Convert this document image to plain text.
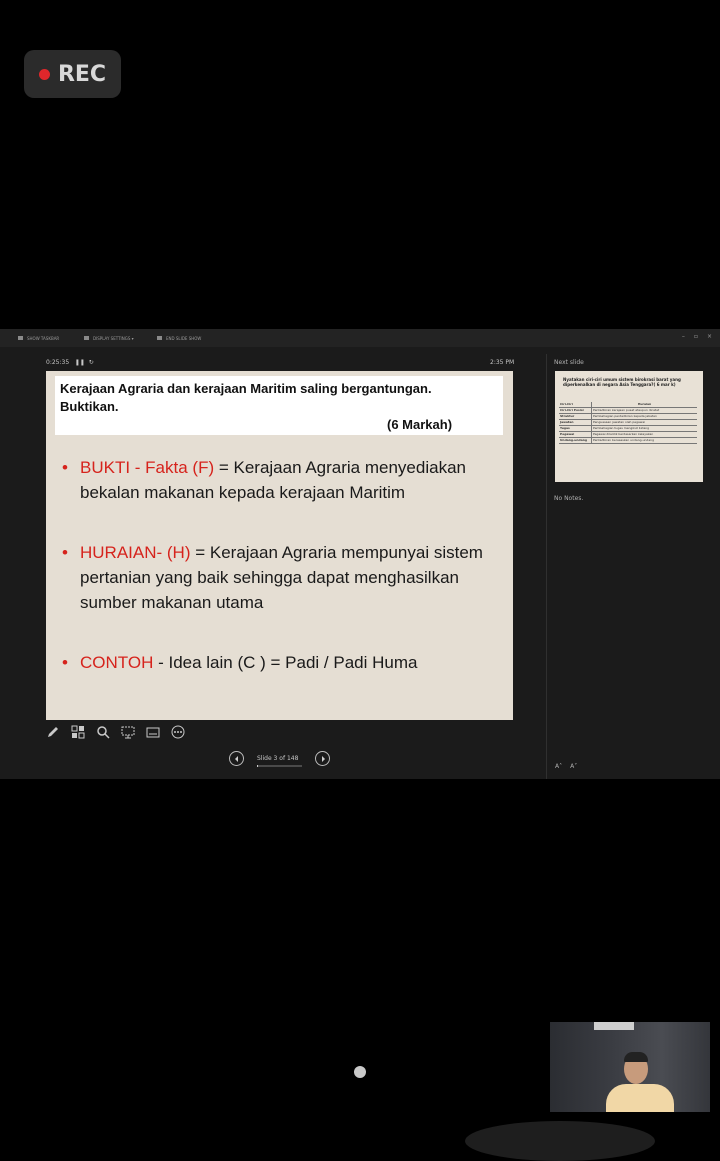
REC
SHOW TASKBAR	DISPLAY SETTINGS ▾	END SLIDE SHOW	– ▫ ×
0:25:35   ❚❚  ↻	2:35 PM
Kerajaan Agraria dan kerajaan Maritim saling bergantungan.
Buktikan.
(6 Markah)
• BUKTI - Fakta (F) = Kerajaan Agraria menyediakan bekalan makanan kepada kerajaan Maritim
• HURAIAN- (H) = Kerajaan Agraria mempunyai sistem pertanian yang baik sehingga dapat menghasilkan sumber makanan utama
• CONTOH - Idea lain (C ) = Padi / Padi Huma
Slide 3 of 148
Next slide
Nyatakan ciri-ciri umum sistem birokrasi barat yang diperkenalkan di negara Asia Tenggara?( 6 mar k)
Ciri-Ciri	Huraian
Ciri-Ciri Posisi	Pentadbiran kerajaan pusat ataupun dicatat
Struktur	Pembahagian pentadbiran kepada jabatan
Jawatan	Penguasaan jawatan oleh pegawai
Tugas	Pembahagian tugas mengikut bidang
Pegawai	Pegawai dilantik berdasarkan kelayakan
Undang-undang	Pentadbiran berasaskan undang-undang
No Notes.
A˄ A˅
